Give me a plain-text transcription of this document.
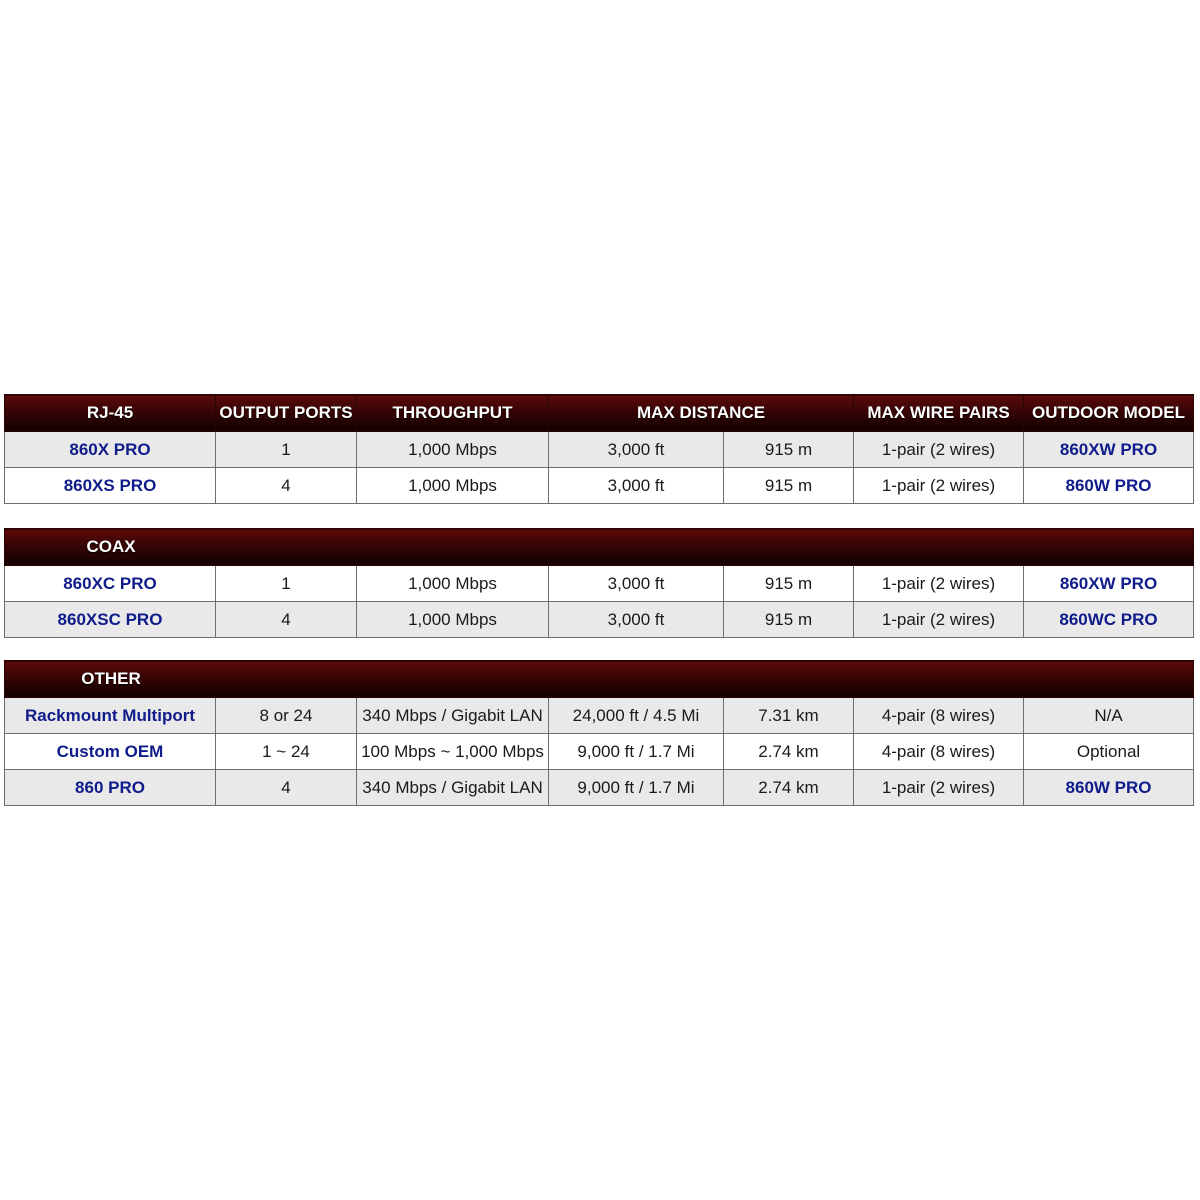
RJ-45	OUTPUT PORTS	THROUGHPUT	MAX DISTANCE		MAX WIRE PAIRS	OUTDOOR MODEL
860X PRO	1	1,000 Mbps	3,000 ft	915 m	1-pair (2 wires)	860XW PRO
860XS PRO	4	1,000 Mbps	3,000 ft	915 m	1-pair (2 wires)	860W PRO
COAX						
860XC PRO	1	1,000 Mbps	3,000 ft	915 m	1-pair (2 wires)	860XW PRO
860XSC PRO	4	1,000 Mbps	3,000 ft	915 m	1-pair (2 wires)	860WC PRO
OTHER						
Rackmount Multiport	8 or 24	340 Mbps / Gigabit LAN	24,000 ft / 4.5 Mi	7.31 km	4-pair (8 wires)	N/A
Custom OEM	1 ~ 24	100 Mbps ~ 1,000 Mbps	9,000 ft / 1.7 Mi	2.74 km	4-pair (8 wires)	Optional
860 PRO	4	340 Mbps / Gigabit LAN	9,000 ft / 1.7 Mi	2.74 km	1-pair (2 wires)	860W PRO
